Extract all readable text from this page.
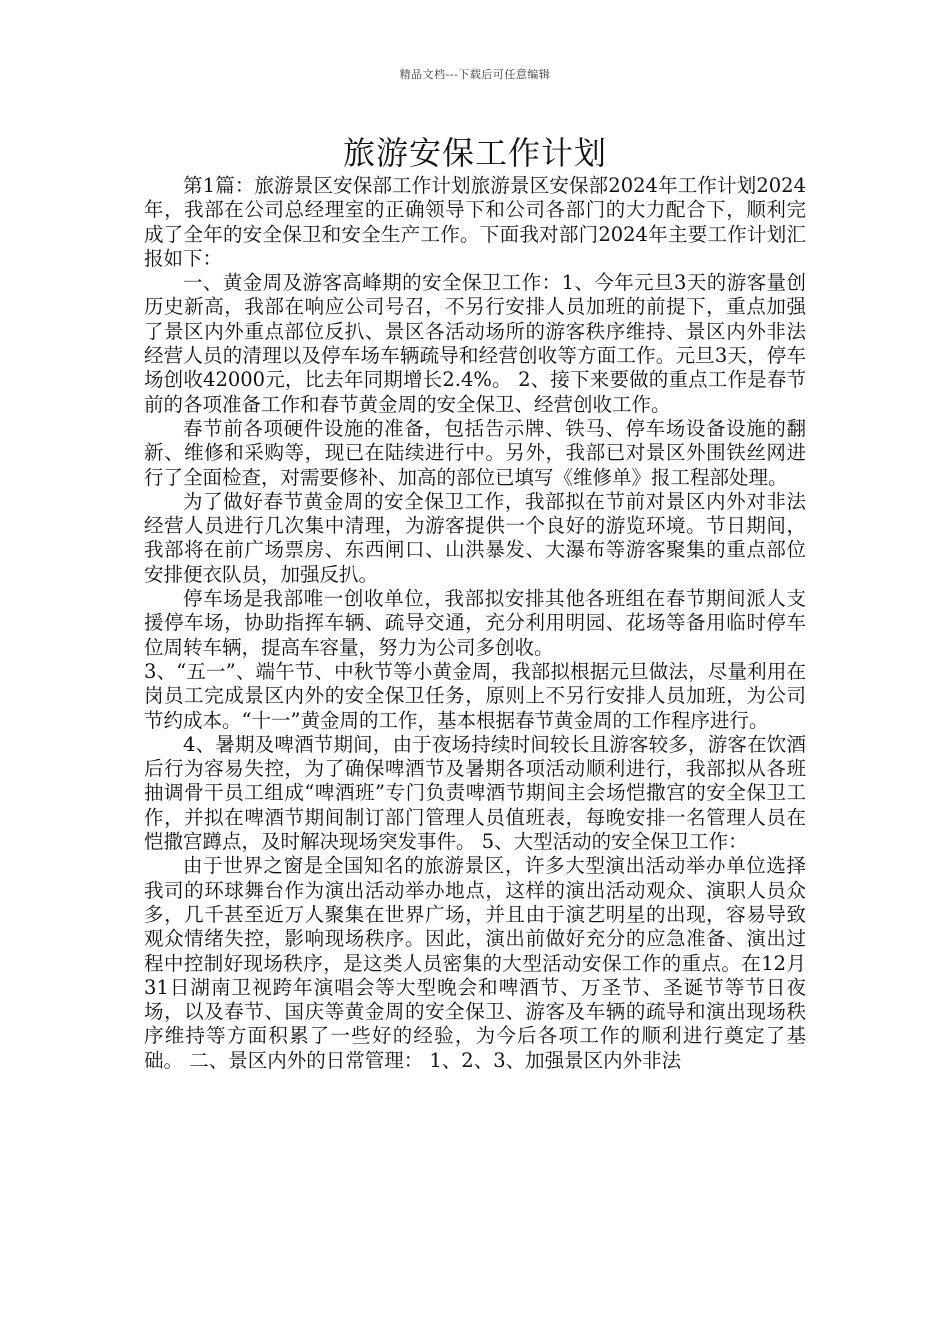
精品文档---下载后可任意编辑
旅游安保工作计划

第1篇：旅游景区安保部工作计划旅游景区安保部2024年工作计划2024年，我部在公司总经理室的正确领导下和公司各部门的大力配合下，顺利完成了全年的安全保卫和安全生产工作。下面我对部门2024年主要工作计划汇报如下：

一、黄金周及游客高峰期的安全保卫工作：1、今年元旦3天的游客量创历史新高，我部在响应公司号召，不另行安排人员加班的前提下，重点加强了景区内外重点部位反扒、景区各活动场所的游客秩序维持、景区内外非法经营人员的清理以及停车场车辆疏导和经营创收等方面工作。元旦3天，停车场创收42000元，比去年同期增长2.4%。 2、接下来要做的重点工作是春节前的各项准备工作和春节黄金周的安全保卫、经营创收工作。

春节前各项硬件设施的准备，包括告示牌、铁马、停车场设备设施的翻新、维修和采购等，现已在陆续进行中。另外，我部已对景区外围铁丝网进行了全面检查，对需要修补、加高的部位已填写《维修单》报工程部处理。

为了做好春节黄金周的安全保卫工作，我部拟在节前对景区内外对非法经营人员进行几次集中清理，为游客提供一个良好的游览环境。节日期间，我部将在前广场票房、东西闸口、山洪暴发、大瀑布等游客聚集的重点部位安排便衣队员，加强反扒。

停车场是我部唯一创收单位，我部拟安排其他各班组在春节期间派人支援停车场，协助指挥车辆、疏导交通，充分利用明园、花场等备用临时停车位周转车辆，提高车容量，努力为公司多创收。

3、“五一”、端午节、中秋节等小黄金周，我部拟根据元旦做法，尽量利用在岗员工完成景区内外的安全保卫任务，原则上不另行安排人员加班，为公司节约成本。“十一”黄金周的工作，基本根据春节黄金周的工作程序进行。

4、暑期及啤酒节期间，由于夜场持续时间较长且游客较多，游客在饮酒后行为容易失控，为了确保啤酒节及暑期各项活动顺利进行，我部拟从各班抽调骨干员工组成“啤酒班”专门负责啤酒节期间主会场恺撒宫的安全保卫工作，并拟在啤酒节期间制订部门管理人员值班表，每晚安排一名管理人员在恺撒宫蹲点，及时解决现场突发事件。 5、大型活动的安全保卫工作：

由于世界之窗是全国知名的旅游景区，许多大型演出活动举办单位选择我司的环球舞台作为演出活动举办地点，这样的演出活动观众、演职人员众多，几千甚至近万人聚集在世界广场，并且由于演艺明星的出现，容易导致观众情绪失控，影响现场秩序。因此，演出前做好充分的应急准备、演出过程中控制好现场秩序，是这类人员密集的大型活动安保工作的重点。在12月31日湖南卫视跨年演唱会等大型晚会和啤酒节、万圣节、圣诞节等节日夜场，以及春节、国庆等黄金周的安全保卫、游客及车辆的疏导和演出现场秩序维持等方面积累了一些好的经验，为今后各项工作的顺利进行奠定了基础。 二、景区内外的日常管理： 1、2、3、加强景区内外非法
